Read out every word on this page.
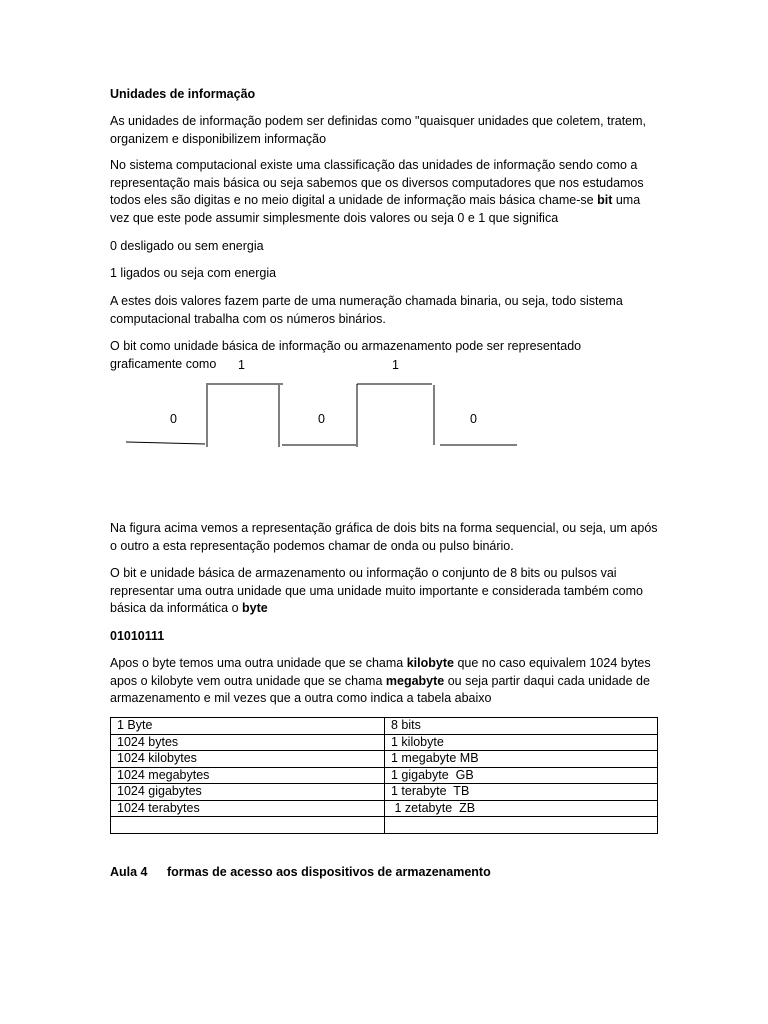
Unidades de informação

As unidades de informação podem ser definidas como "quaisquer unidades que coletem, tratem, organizem e disponibilizem informação

No sistema computacional existe uma classificação das unidades de informação sendo como a representação mais básica ou seja sabemos que os diversos computadores que nos estudamos todos eles são digitas e no meio digital a unidade de informação mais básica chame-se bit uma vez que este pode assumir simplesmente dois valores ou seja 0 e 1 que significa

0 desligado ou sem energia

1 ligados ou seja com energia

A estes dois valores fazem parte de uma numeração chamada binaria, ou seja, todo sistema computacional trabalha com os números binários.

O bit como unidade básica de informação ou armazenamento pode ser representado

graficamente como	1	1
0	0	0

Na figura acima vemos a representação gráfica de dois bits na forma sequencial, ou seja, um após o outro a esta representação podemos chamar de onda ou pulso binário.

O bit e unidade básica de armazenamento ou informação o conjunto de 8 bits ou pulsos vai representar uma outra unidade que uma unidade muito importante e considerada também como básica da informática o byte

01010111

Apos o byte temos uma outra unidade que se chama kilobyte que no caso equivalem 1024 bytes apos o kilobyte vem outra unidade que se chama megabyte ou seja partir daqui cada unidade de armazenamento e mil vezes que a outra como indica a tabela abaixo

1 Byte	8 bits
1024 bytes	1 kilobyte
1024 kilobytes	1 megabyte MB
1024 megabytes	1 gigabyte  GB
1024 gigabytes	1 terabyte  TB
1024 terabytes	1 zetabyte  ZB

Aula 4 formas de acesso aos dispositivos de armazenamento
